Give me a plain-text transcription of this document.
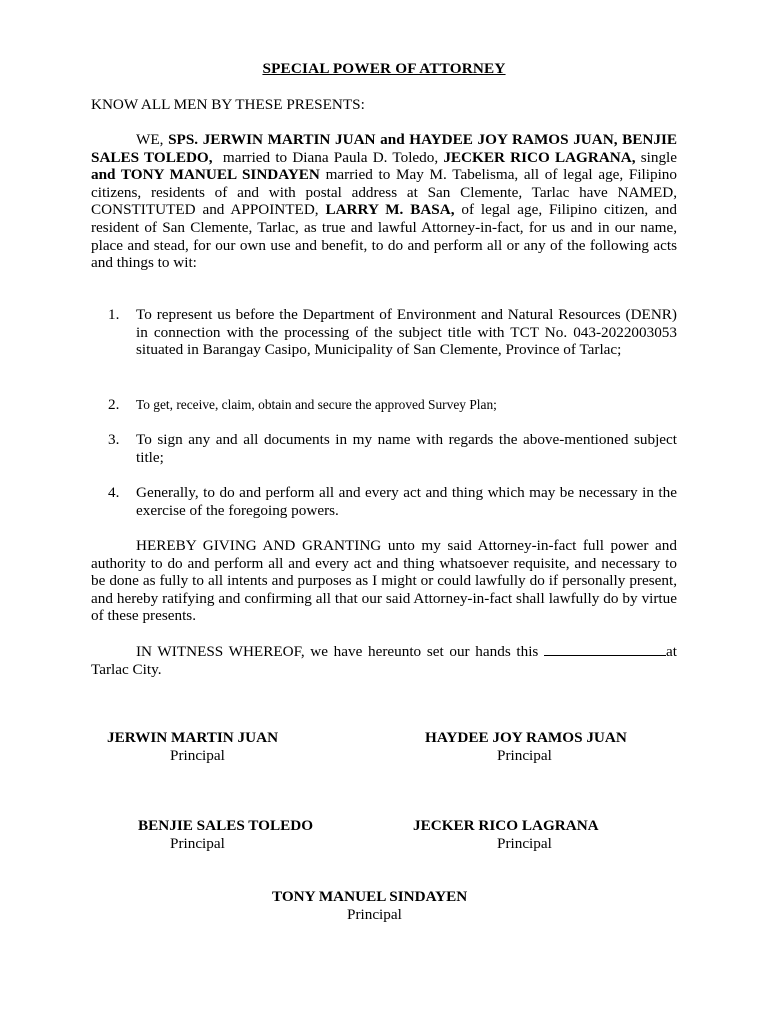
SPECIAL POWER OF ATTORNEY
KNOW ALL MEN BY THESE PRESENTS:
WE, SPS. JERWIN MARTIN JUAN and HAYDEE JOY RAMOS JUAN, BENJIE SALES TOLEDO, married to Diana Paula D. Toledo, JECKER RICO LAGRANA, single and TONY MANUEL SINDAYEN married to May M. Tabelisma, all of legal age, Filipino citizens, residents of and with postal address at San Clemente, Tarlac have NAMED, CONSTITUTED and APPOINTED, LARRY M. BASA, of legal age, Filipino citizen, and resident of San Clemente, Tarlac, as true and lawful Attorney-in-fact, for us and in our name, place and stead, for our own use and benefit, to do and perform all or any of the following acts and things to wit:
1.	To represent us before the Department of Environment and Natural Resources (DENR) in connection with the processing of the subject title with TCT No. 043-2022003053 situated in Barangay Casipo, Municipality of San Clemente, Province of Tarlac;
2.	To get, receive, claim, obtain and secure the approved Survey Plan;
3.	To sign any and all documents in my name with regards the above-mentioned subject title;
4.	Generally, to do and perform all and every act and thing which may be necessary in the exercise of the foregoing powers.
HEREBY GIVING AND GRANTING unto my said Attorney-in-fact full power and authority to do and perform all and every act and thing whatsoever requisite, and necessary to be done as fully to all intents and purposes as I might or could lawfully do if personally present, and hereby ratifying and confirming all that our said Attorney-in-fact shall lawfully do by virtue of these presents.
IN WITNESS WHEREOF, we have hereunto set our hands this	at Tarlac City.
JERWIN MARTIN JUAN
Principal
HAYDEE JOY RAMOS JUAN
Principal
BENJIE SALES TOLEDO
Principal
JECKER RICO LAGRANA
Principal
TONY MANUEL SINDAYEN
Principal
